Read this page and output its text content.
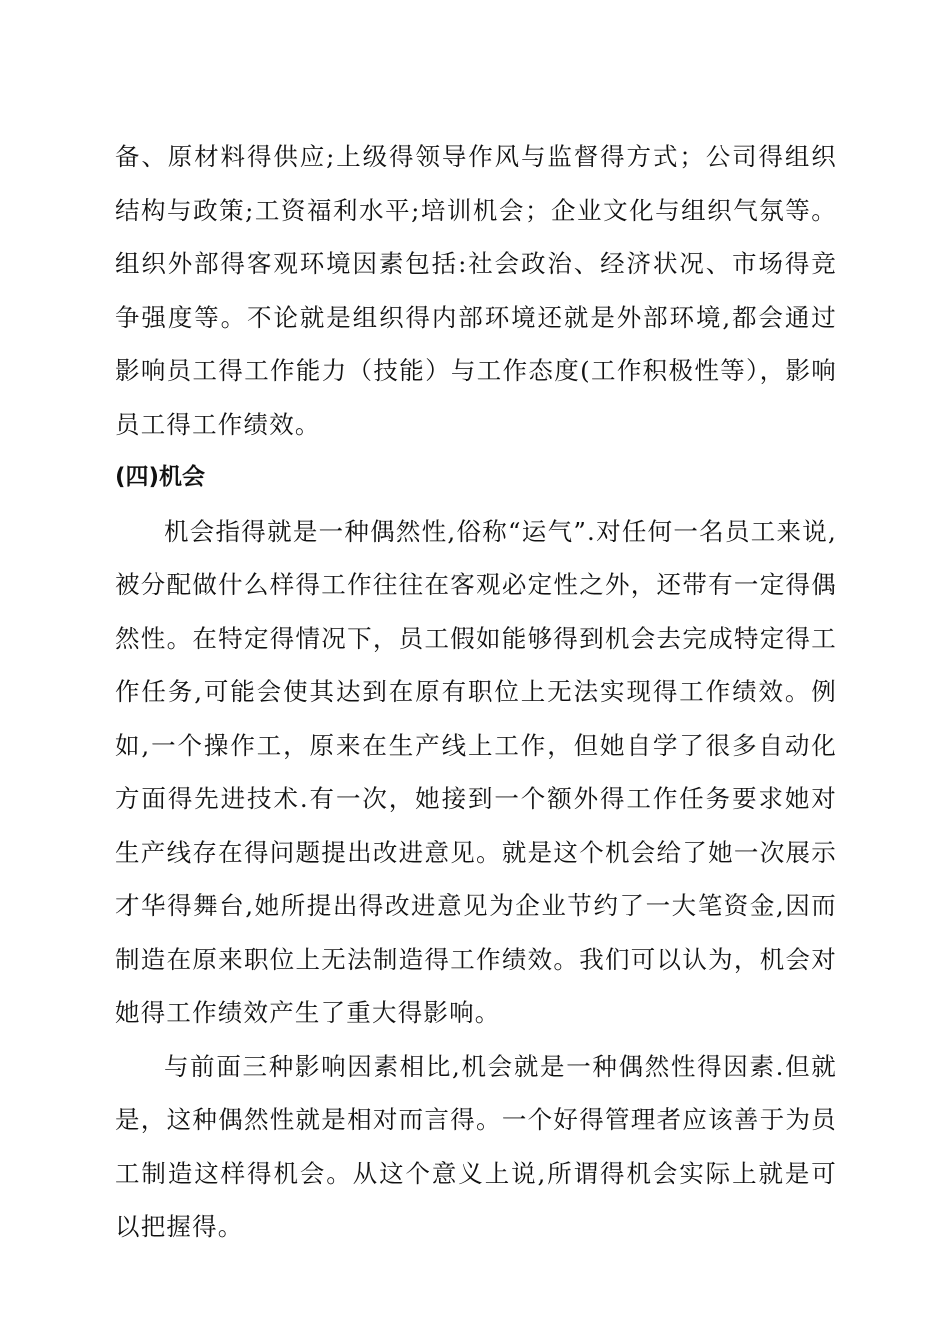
备、原材料得供应;上级得领导作风与监督得方式；公司得组织结构与政策;工资福利水平;培训机会；企业文化与组织气氛等。组织外部得客观环境因素包括:社会政治、经济状况、市场得竞争强度等。不论就是组织得内部环境还就是外部环境,都会通过影响员工得工作能力（技能）与工作态度(工作积极性等），影响员工得工作绩效。

(四)机会

机会指得就是一种偶然性,俗称“运气”.对任何一名员工来说,被分配做什么样得工作往往在客观必定性之外，还带有一定得偶然性。在特定得情况下，员工假如能够得到机会去完成特定得工作任务,可能会使其达到在原有职位上无法实现得工作绩效。例如,一个操作工，原来在生产线上工作，但她自学了很多自动化方面得先进技术.有一次，她接到一个额外得工作任务要求她对生产线存在得问题提出改进意见。就是这个机会给了她一次展示才华得舞台,她所提出得改进意见为企业节约了一大笔资金,因而制造在原来职位上无法制造得工作绩效。我们可以认为，机会对她得工作绩效产生了重大得影响。

与前面三种影响因素相比,机会就是一种偶然性得因素.但就是，这种偶然性就是相对而言得。一个好得管理者应该善于为员工制造这样得机会。从这个意义上说,所谓得机会实际上就是可以把握得。
